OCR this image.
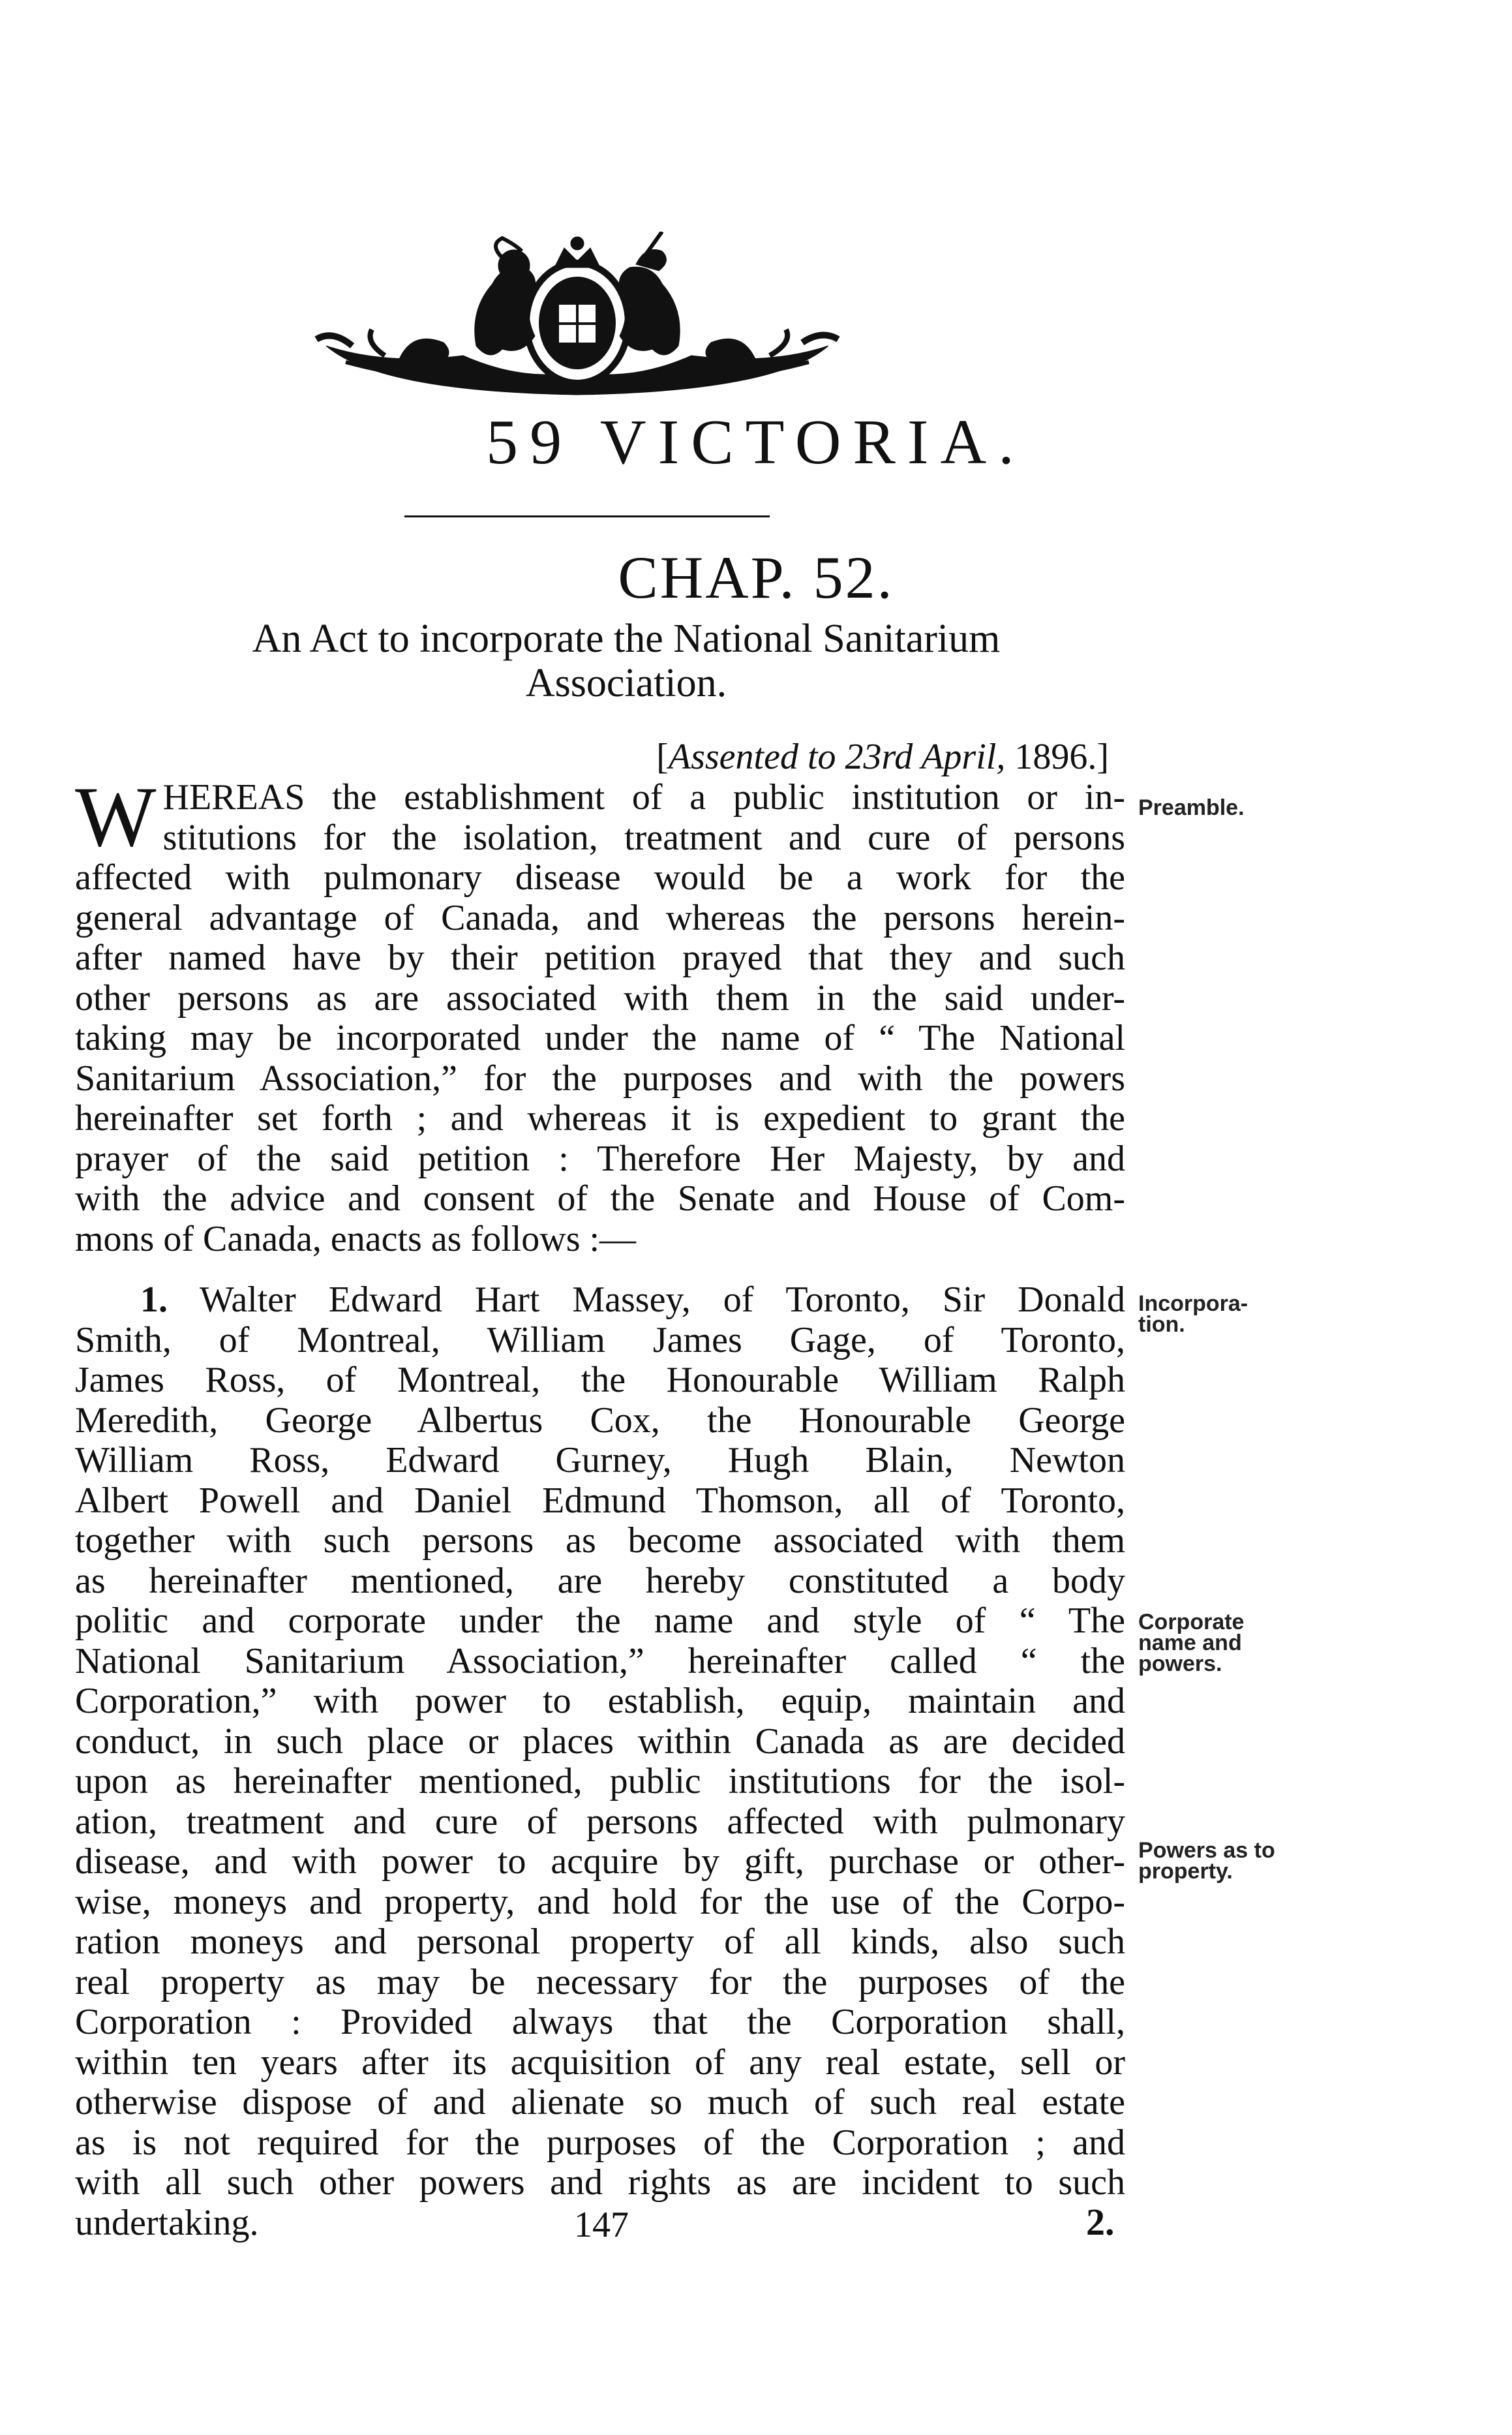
59 VICTORIA.
CHAP. 52.
An Act to incorporate the National Sanitarium
Association.
[Assented to 23rd April, 1896.]
W HEREAS the establishment of a public institution or in-
stitutions for the isolation, treatment and cure of persons
affected with pulmonary disease would be a work for the
general advantage of Canada, and whereas the persons herein-
after named have by their petition prayed that they and such
other persons as are associated with them in the said under-
taking may be incorporated under the name of “ The National
Sanitarium Association,” for the purposes and with the powers
hereinafter set forth ; and whereas it is expedient to grant the
prayer of the said petition : Therefore Her Majesty, by and
with the advice and consent of the Senate and House of Com-
mons of Canada, enacts as follows :—
1. Walter Edward Hart Massey, of Toronto, Sir Donald
Smith, of Montreal, William James Gage, of Toronto,
James Ross, of Montreal, the Honourable William Ralph
Meredith, George Albertus Cox, the Honourable George
William Ross, Edward Gurney, Hugh Blain, Newton
Albert Powell and Daniel Edmund Thomson, all of Toronto,
together with such persons as become associated with them
as hereinafter mentioned, are hereby constituted a body
politic and corporate under the name and style of “ The
National Sanitarium Association,” hereinafter called “ the
Corporation,” with power to establish, equip, maintain and
conduct, in such place or places within Canada as are decided
upon as hereinafter mentioned, public institutions for the isol-
ation, treatment and cure of persons affected with pulmonary
disease, and with power to acquire by gift, purchase or other-
wise, moneys and property, and hold for the use of the Corpo-
ration moneys and personal property of all kinds, also such
real property as may be necessary for the purposes of the
Corporation : Provided always that the Corporation shall,
within ten years after its acquisition of any real estate, sell or
otherwise dispose of and alienate so much of such real estate
as is not required for the purposes of the Corporation ; and
with all such other powers and rights as are incident to such
undertaking.
Preamble.
Incorpora-
tion.
Corporate
name and
powers.
Powers as to
property.
147	2.
